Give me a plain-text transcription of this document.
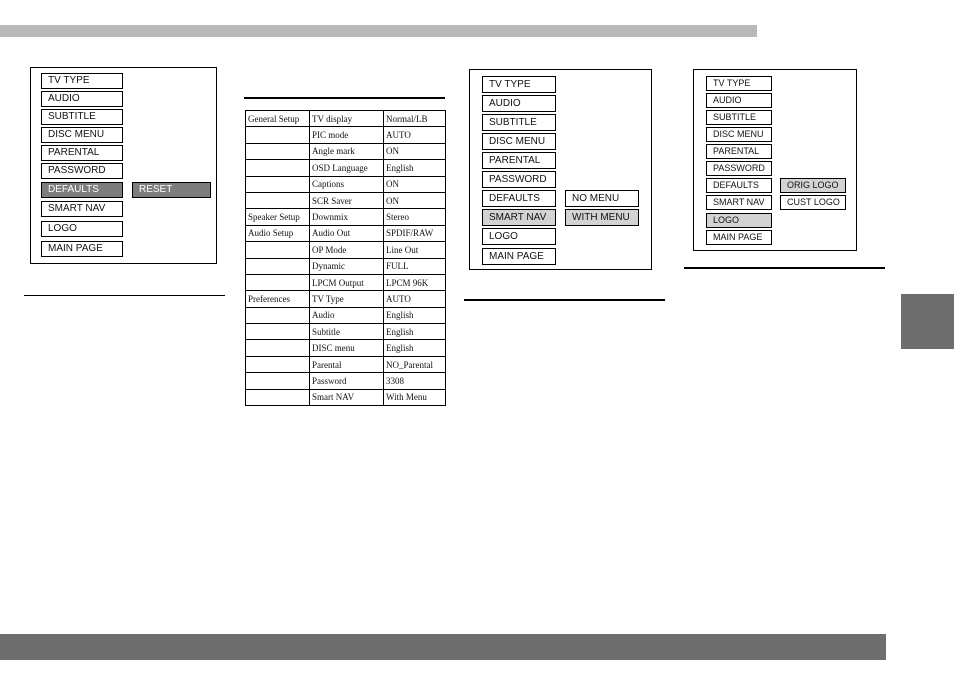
TV TYPE
AUDIO
SUBTITLE
DISC MENU
PARENTAL
PASSWORD
DEFAULTS
SMART NAV
LOGO
MAIN PAGE
RESET
General Setup	TV display	Normal/LB
	PIC mode	AUTO
	Angle mark	ON
	OSD Language	English
	Captions	ON
	SCR Saver	ON
Speaker Setup	Downmix	Stereo
Audio Setup	Audio Out	SPDIF/RAW
	OP Mode	Line Out
	Dynamic	FULL
	LPCM Output	LPCM 96K
Preferences	TV Type	AUTO
	Audio	English
	Subtitle	English
	DISC menu	English
	Parental	NO_Parental
	Password	3308
	Smart NAV	With Menu
TV TYPE
AUDIO
SUBTITLE
DISC MENU
PARENTAL
PASSWORD
DEFAULTS
SMART NAV
LOGO
MAIN PAGE
NO MENU
WITH MENU
TV TYPE
AUDIO
SUBTITLE
DISC MENU
PARENTAL
PASSWORD
DEFAULTS
SMART NAV
LOGO
MAIN PAGE
ORIG LOGO
CUST LOGO
